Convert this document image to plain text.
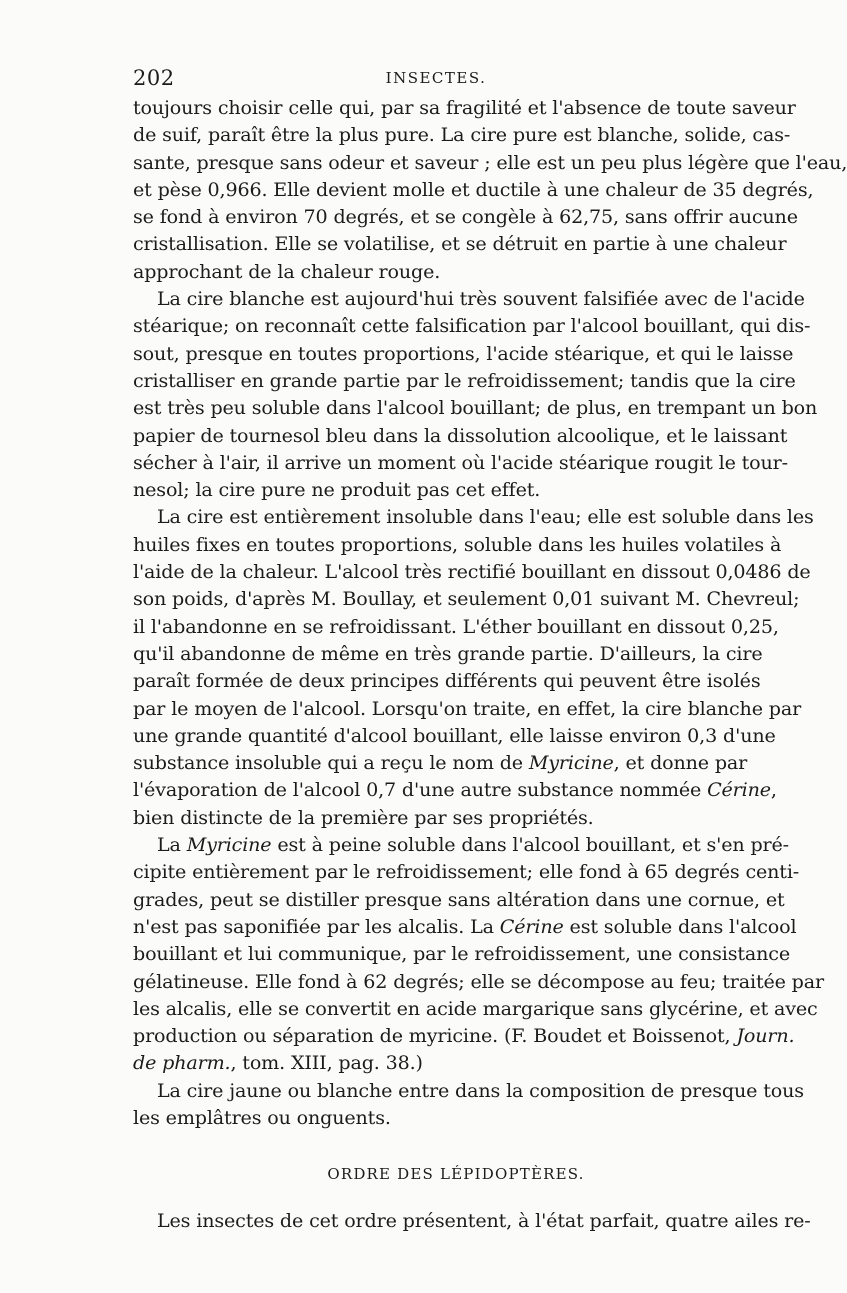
202	INSECTES.

toujours choisir celle qui, par sa fragilité et l'absence de toute saveur
de suif, paraît être la plus pure. La cire pure est blanche, solide, cas-
sante, presque sans odeur et saveur ; elle est un peu plus légère que l'eau,
et pèse 0,966. Elle devient molle et ductile à une chaleur de 35 degrés,
se fond à environ 70 degrés, et se congèle à 62,75, sans offrir aucune
cristallisation. Elle se volatilise, et se détruit en partie à une chaleur
approchant de la chaleur rouge.

La cire blanche est aujourd'hui très souvent falsifiée avec de l'acide
stéarique; on reconnaît cette falsification par l'alcool bouillant, qui dis-
sout, presque en toutes proportions, l'acide stéarique, et qui le laisse
cristalliser en grande partie par le refroidissement; tandis que la cire
est très peu soluble dans l'alcool bouillant; de plus, en trempant un bon
papier de tournesol bleu dans la dissolution alcoolique, et le laissant
sécher à l'air, il arrive un moment où l'acide stéarique rougit le tour-
nesol; la cire pure ne produit pas cet effet.

La cire est entièrement insoluble dans l'eau; elle est soluble dans les
huiles fixes en toutes proportions, soluble dans les huiles volatiles à
l'aide de la chaleur. L'alcool très rectifié bouillant en dissout 0,0486 de
son poids, d'après M. Boullay, et seulement 0,01 suivant M. Chevreul;
il l'abandonne en se refroidissant. L'éther bouillant en dissout 0,25,
qu'il abandonne de même en très grande partie. D'ailleurs, la cire
paraît formée de deux principes différents qui peuvent être isolés
par le moyen de l'alcool. Lorsqu'on traite, en effet, la cire blanche par
une grande quantité d'alcool bouillant, elle laisse environ 0,3 d'une
substance insoluble qui a reçu le nom de Myricine, et donne par
l'évaporation de l'alcool 0,7 d'une autre substance nommée Cérine,
bien distincte de la première par ses propriétés.

La Myricine est à peine soluble dans l'alcool bouillant, et s'en pré-
cipite entièrement par le refroidissement; elle fond à 65 degrés centi-
grades, peut se distiller presque sans altération dans une cornue, et
n'est pas saponifiée par les alcalis. La Cérine est soluble dans l'alcool
bouillant et lui communique, par le refroidissement, une consistance
gélatineuse. Elle fond à 62 degrés; elle se décompose au feu; traitée par
les alcalis, elle se convertit en acide margarique sans glycérine, et avec
production ou séparation de myricine. (F. Boudet et Boissenot, Journ.
de pharm., tom. XIII, pag. 38.)

La cire jaune ou blanche entre dans la composition de presque tous
les emplâtres ou onguents.

ORDRE DES LÉPIDOPTÈRES.

Les insectes de cet ordre présentent, à l'état parfait, quatre ailes re-
